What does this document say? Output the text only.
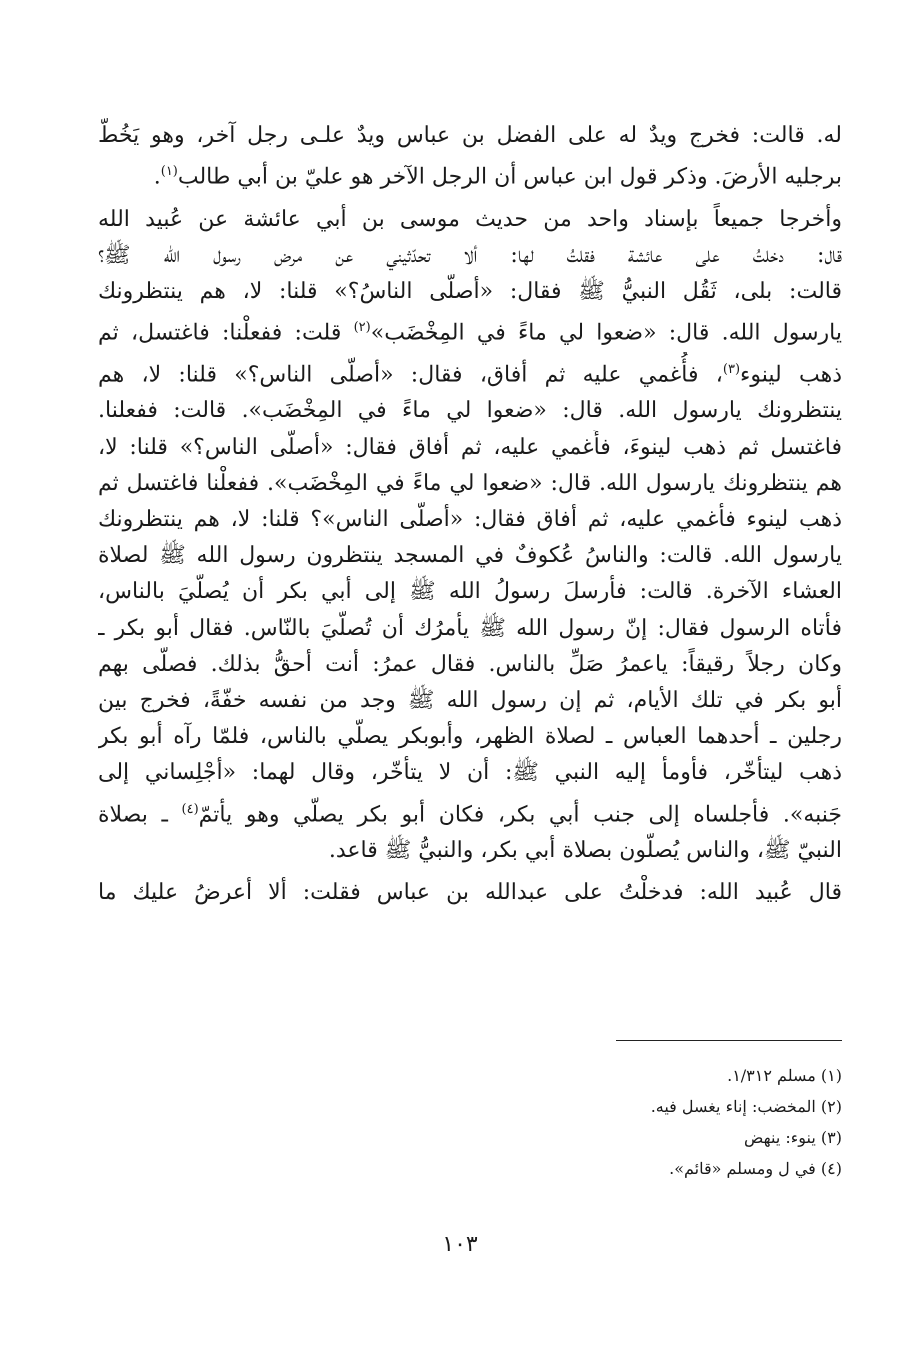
له. قالت: فخرج ويدٌ له على الفضل بن عباس ويدٌ علـى رجل آخر، وهو يَخُطّ
برجليه الأرضَ. وذكر قول ابن عباس أن الرجل الآخر هو عليّ بن أبي طالب$^{(١)}$.
وأخرجا جميعاً بإسناد واحد من حديث موسى بن أبي عائشة عن عُبيد الله
قال: دخلتُ على عائشة فقلتُ لها: ألا تحدّثيني عن مرض رسول الله ﷺ؟
قالت: بلى، ثَقُل النبيُّ ﷺ فقال: «أصلّى الناسُ؟» قلنا: لا، هم ينتظرونك
يارسول الله. قال: «ضعوا لي ماءً في المِخْضَب»$^{(٢)}$ قلت: ففعلْنا: فاغتسل، ثم
ذهب لينوء$^{(٣)}$، فأُغمي عليه ثم أفاق، فقال: «أصلّى الناس؟» قلنا: لا، هم
ينتظرونك يارسول الله. قال: «ضعوا لي ماءً في المِخْضَب». قالت: ففعلنا.
فاغتسل ثم ذهب لينوءَ، فأُغمي عليه، ثم أفاق فقال: «أصلّى الناس؟» قلنا: لا،
هم ينتظرونك يارسول الله. قال: «ضعوا لي ماءً في المِخْضَب». ففعلْنا فاغتسل ثم
ذهب لينوء فأغمي عليه، ثم أفاق فقال: «أصلّى الناس»؟ قلنا: لا، هم ينتظرونك
يارسول الله. قالت: والناسُ عُكوفٌ في المسجد ينتظرون رسول الله ﷺ لصلاة
العشاء الآخرة. قالت: فأرسلَ رسولُ الله ﷺ إلى أبي بكر أن يُصلّيَ بالناس،
فأتاه الرسول فقال: إنّ رسول الله ﷺ يأمرُك أن تُصلّيَ بالنّاس. فقال أبو بكر ـ
وكان رجلاً رقيقاً: ياعمرُ صَلِّ بالناس. فقال عمرُ: أنت أحقُّ بذلك. فصلّى بهم
أبو بكر في تلك الأيام، ثم إن رسول الله ﷺ وجد من نفسه خفّةً، فخرج بين
رجلين ـ أحدهما العباس ـ لصلاة الظهر، وأبوبكر يصلّي بالناس، فلمّا رآه أبو بكر
ذهب ليتأخّر، فأومأ إليه النبي ﷺ: أن لا يتأخّر، وقال لهما: «أجْلِساني إلى
جَنبه». فأجلساه إلى جنب أبي بكر، فكان أبو بكر يصلّي وهو يأتمّ$^{(٤)}$ ـ بصلاة
النبيّ ﷺ، والناس يُصلّون بصلاة أبي بكر، والنبيُّ ﷺ قاعد.
قال عُبيد الله: فدخلْتُ على عبدالله بن عباس فقلت: ألا أعرضُ عليك ما
(١) مسلم ١/٣١٢.
(٢) المخضب: إناء يغسل فيه.
(٣) ينوء: ينهض
(٤) في ل ومسلم «قائم».
١٠٣
